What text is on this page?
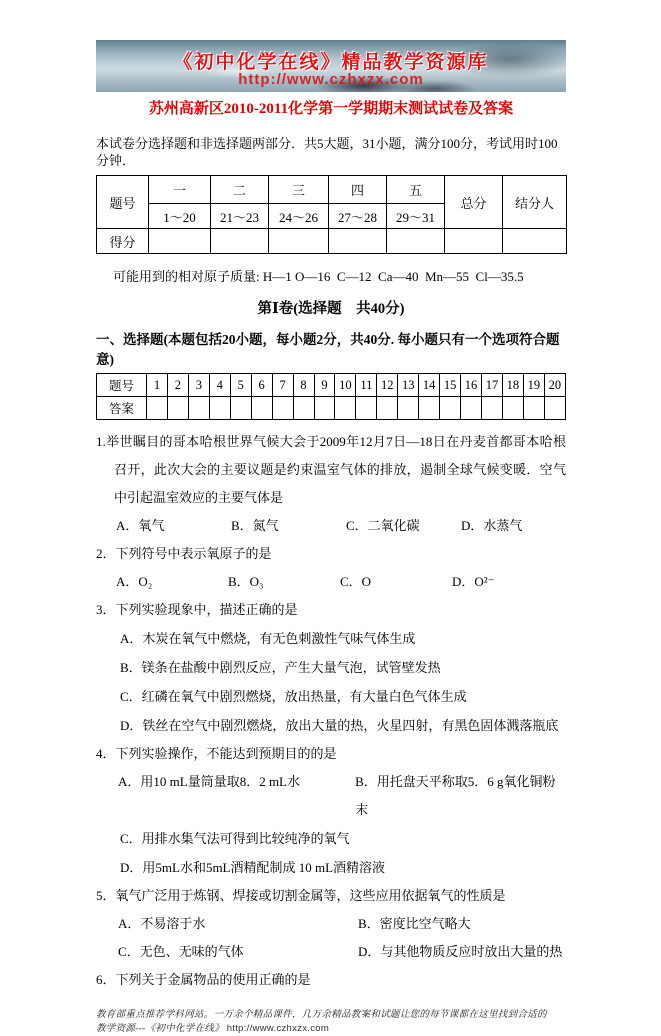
《初中化学在线》精品教学资源库
http://www.czhxzx.com
苏州高新区2010-2011化学第一学期期末测试试卷及答案

本试卷分选择题和非选择题两部分．共5大题，31小题，满分100分，考试用时100分钟．

题号	一	二	三	四	五	总分	结分人
	1～20	21～23	24～26	27～28	29～31		
得分							

可能用到的相对原子质量: H—1 O—16  C—12  Ca—40  Mn—55  Cl—35.5

第Ⅰ卷(选择题　共40分)
一、选择题(本题包括20小题，每小题2分，共40分. 每小题只有一个选项符合题意)
题号	1	2	3	4	5	6	7	8	9	10	11	12	13	14	15	16	17	18	19	20
答案																				

1.举世瞩目的哥本哈根世界气候大会于2009年12月7日—18日在丹麦首都哥本哈根召开，此次大会的主要议题是约束温室气体的排放，遏制全球气候变暖．空气中引起温室效应的主要气体是

A．氧气	B．氮气	C．二氧化碳	D．水蒸气

2．下列符号中表示氧原子的是

A．O₂	B．O₃	C．O	D．O²⁻

3．下列实验现象中，描述正确的是

A．木炭在氧气中燃烧，有无色刺激性气味气体生成
B．镁条在盐酸中剧烈反应，产生大量气泡，试管壁发热
C．红磷在氧气中剧烈燃烧，放出热量，有大量白色气体生成
D．铁丝在空气中剧烈燃烧，放出大量的热，火星四射，有黑色固体溅落瓶底

4．下列实验操作，不能达到预期目的的是

A．用10 mL量筒量取8．2 mL水	B．用托盘天平称取5．6 g氧化铜粉末
C．用排水集气法可得到比较纯净的氧气
D．用5mL水和5mL酒精配制成 10 mL酒精溶液

5．氧气广泛用于炼钢、焊接或切割金属等，这些应用依据氧气的性质是

A．不易溶于水	B．密度比空气略大
C．无色、无味的气体	D．与其他物质反应时放出大量的热

6．下列关于金属物品的使用正确的是

教育部重点推荐学科网站。一万余个精品课件，几万余精品教案和试题让您的每节课都在这里找到合适的
教学资源---《初中化学在线》 http://www.czhxzx.com
